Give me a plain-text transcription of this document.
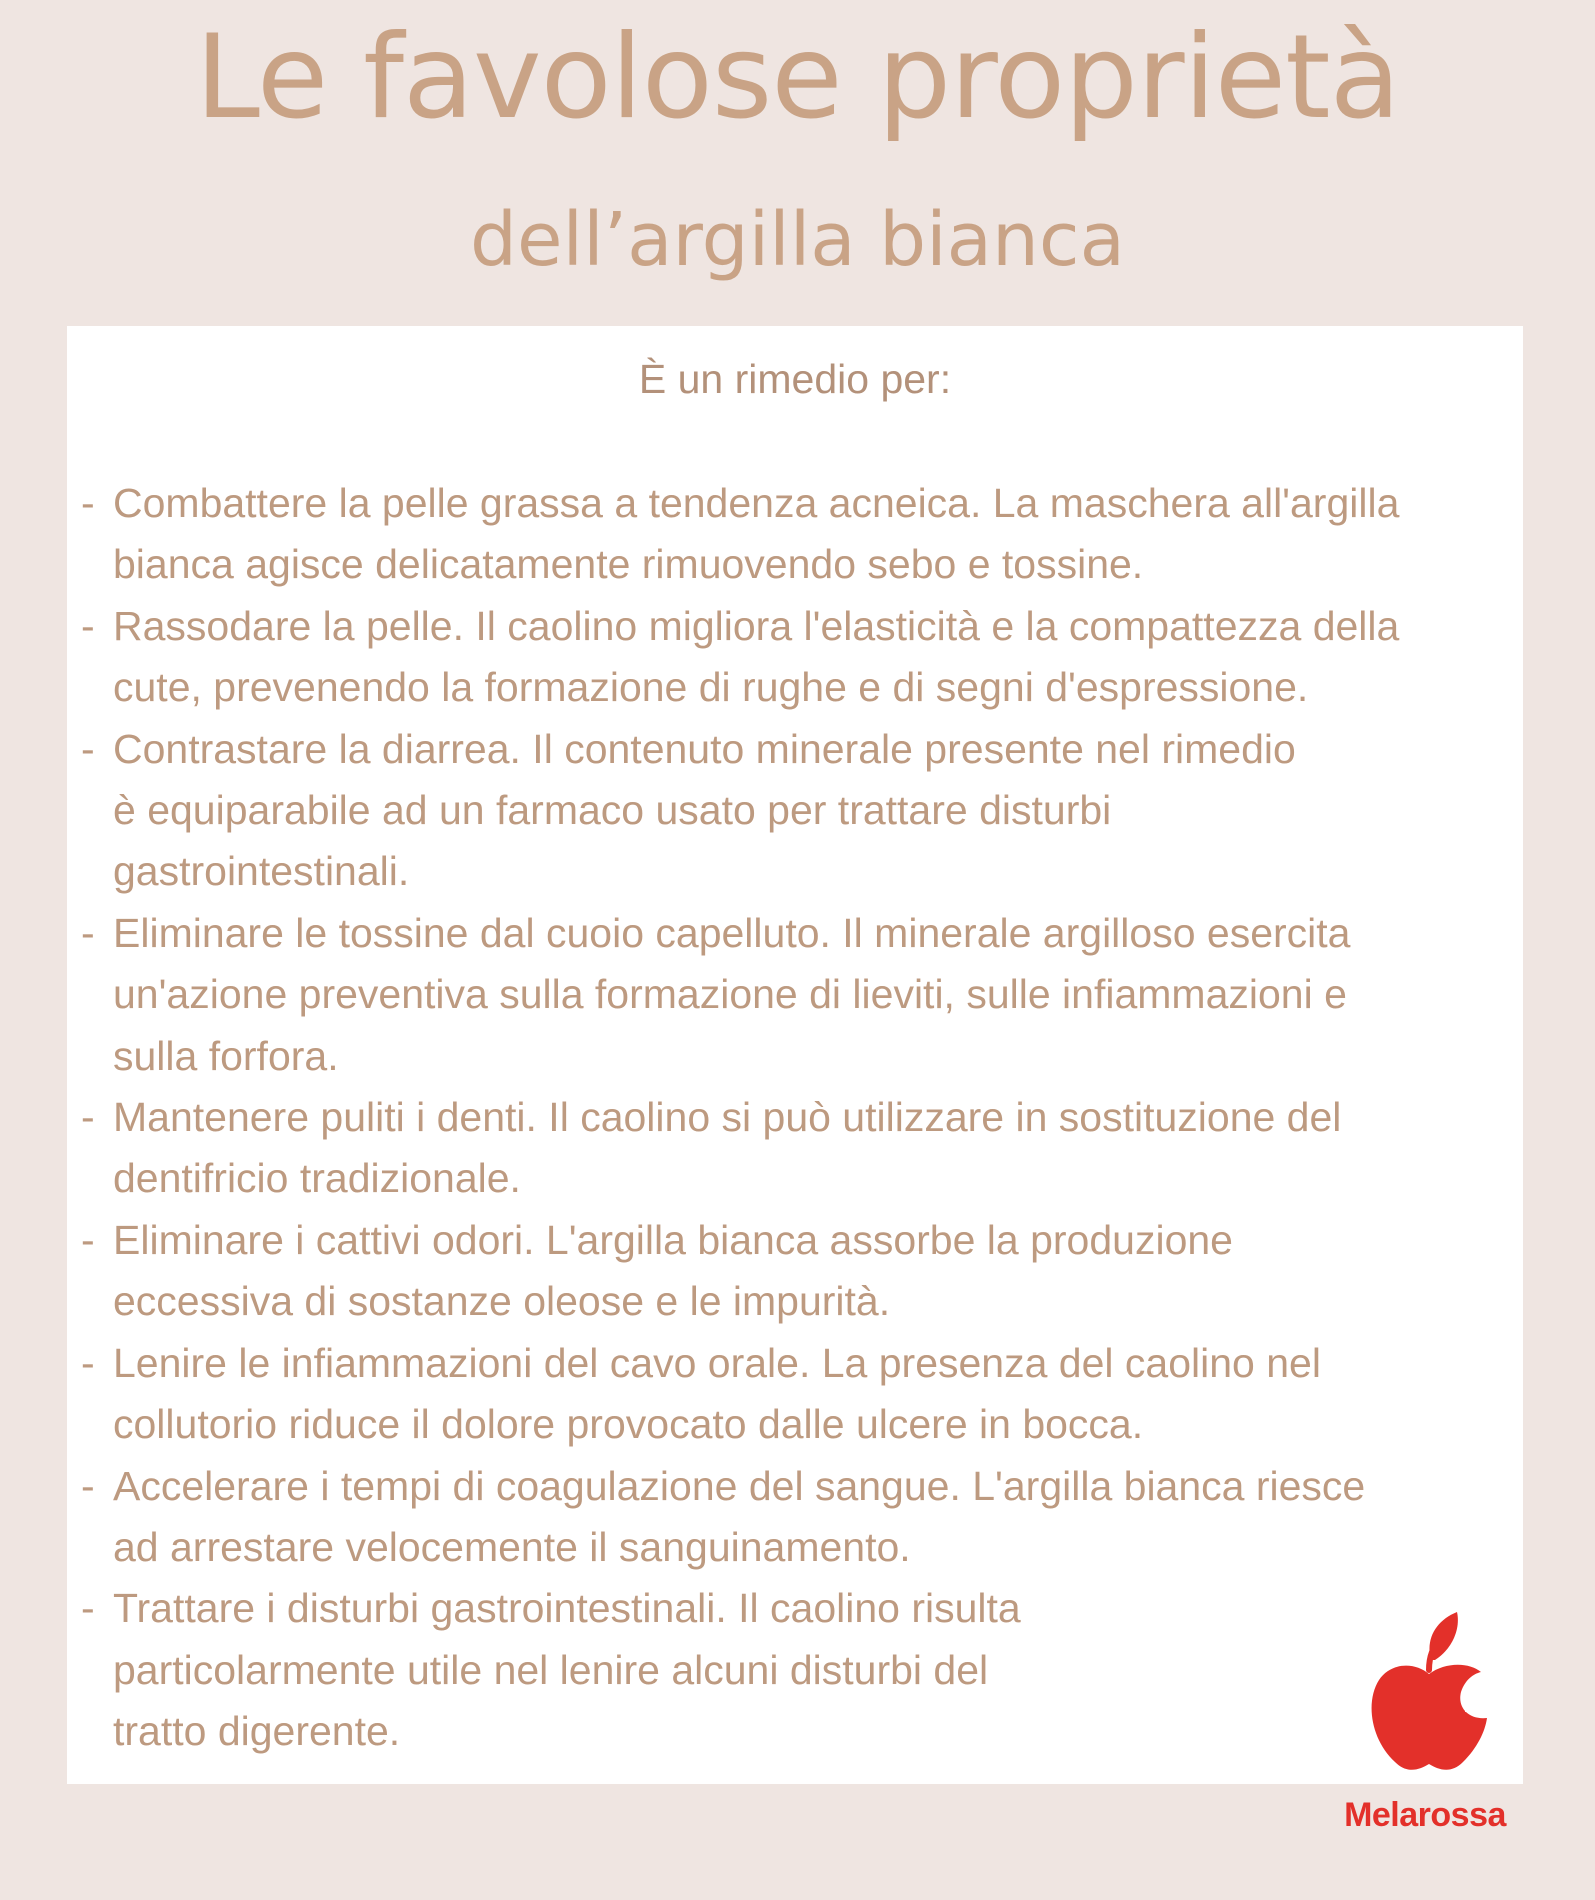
Le favolose proprietà
dell’argilla bianca
È un rimedio per:
- Combattere la pelle grassa a tendenza acneica. La maschera all'argilla
bianca agisce delicatamente rimuovendo sebo e tossine.
- Rassodare la pelle. Il caolino migliora l'elasticità e la compattezza della
cute, prevenendo la formazione di rughe e di segni d'espressione.
- Contrastare la diarrea. Il contenuto minerale presente nel rimedio
è equiparabile ad un farmaco usato per trattare disturbi
gastrointestinali.
- Eliminare le tossine dal cuoio capelluto. Il minerale argilloso esercita
un'azione preventiva sulla formazione di lieviti, sulle infiammazioni e
sulla forfora.
- Mantenere puliti i denti. Il caolino si può utilizzare in sostituzione del
dentifricio tradizionale.
- Eliminare i cattivi odori. L'argilla bianca assorbe la produzione
eccessiva di sostanze oleose e le impurità.
- Lenire le infiammazioni del cavo orale. La presenza del caolino nel
collutorio riduce il dolore provocato dalle ulcere in bocca.
- Accelerare i tempi di coagulazione del sangue. L'argilla bianca riesce
ad arrestare velocemente il sanguinamento.
- Trattare i disturbi gastrointestinali. Il caolino risulta
particolarmente utile nel lenire alcuni disturbi del
tratto digerente.
Melarossa
